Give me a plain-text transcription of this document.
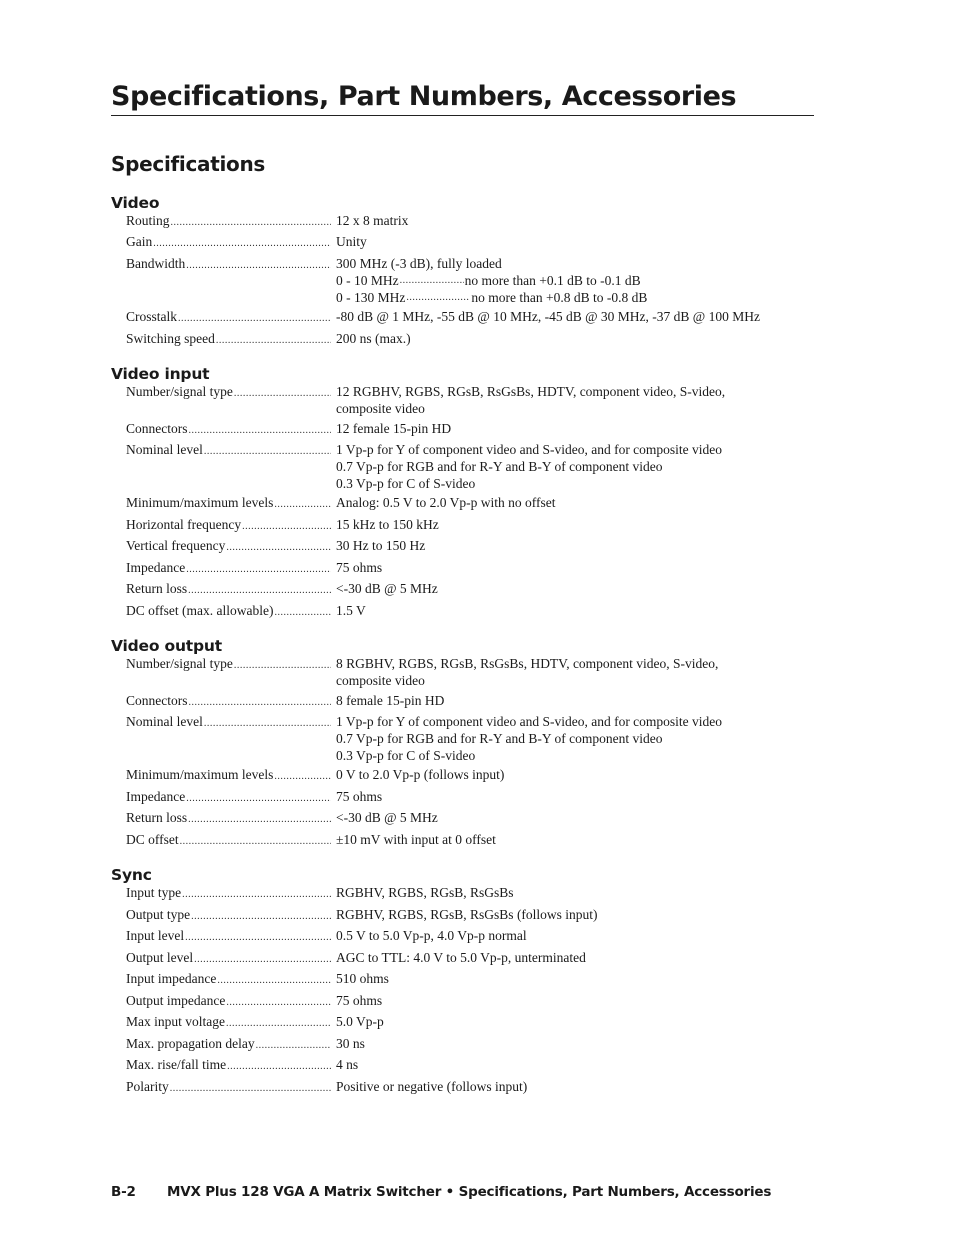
Specifications, Part Numbers, Accessories
Specifications
Video
Routing .....	12 x 8 matrix
Gain .....	Unity
Bandwidth .....	300 MHz (-3 dB), fully loaded
0 - 10 MHz .....	no more than +0.1 dB to -0.1 dB
0 - 130 MHz .....	no more than +0.8 dB to -0.8 dB
Crosstalk .....	-80 dB @ 1 MHz, -55 dB @ 10 MHz, -45 dB @ 30 MHz, -37 dB @ 100 MHz
Switching speed .....	200 ns (max.)
Video input
Number/signal type .....	12 RGBHV, RGBS, RGsB, RsGsBs, HDTV, component video, S-video,
composite video
Connectors .....	12 female 15-pin HD
Nominal level .....	1 Vp-p for Y of component video and S-video, and for composite video
0.7 Vp-p for RGB and for R-Y and B-Y of component video
0.3 Vp-p for C of S-video
Minimum/maximum levels .....	Analog: 0.5 V to 2.0 Vp-p with no offset
Horizontal frequency .....	15 kHz to 150 kHz
Vertical frequency .....	30 Hz to 150 Hz
Impedance .....	75 ohms
Return loss .....	<-30 dB @ 5 MHz
DC offset (max. allowable) .....	1.5 V
Video output
Number/signal type .....	8 RGBHV, RGBS, RGsB, RsGsBs, HDTV, component video, S-video,
composite video
Connectors .....	8 female 15-pin HD
Nominal level .....	1 Vp-p for Y of component video and S-video, and for composite video
0.7 Vp-p for RGB and for R-Y and B-Y of component video
0.3 Vp-p for C of S-video
Minimum/maximum levels .....	0 V to 2.0 Vp-p (follows input)
Impedance .....	75 ohms
Return loss .....	<-30 dB @ 5 MHz
DC offset .....	±10 mV with input at 0 offset
Sync
Input type .....	RGBHV, RGBS, RGsB, RsGsBs
Output type .....	RGBHV, RGBS, RGsB, RsGsBs (follows input)
Input level .....	0.5 V to 5.0 Vp-p, 4.0 Vp-p normal
Output level .....	AGC to TTL: 4.0 V to 5.0 Vp-p, unterminated
Input impedance .....	510 ohms
Output impedance .....	75 ohms
Max input voltage .....	5.0 Vp-p
Max. propagation delay .....	30 ns
Max. rise/fall time .....	4 ns
Polarity .....	Positive or negative (follows input)
B-2 MVX Plus 128 VGA A Matrix Switcher • Specifications, Part Numbers, Accessories
